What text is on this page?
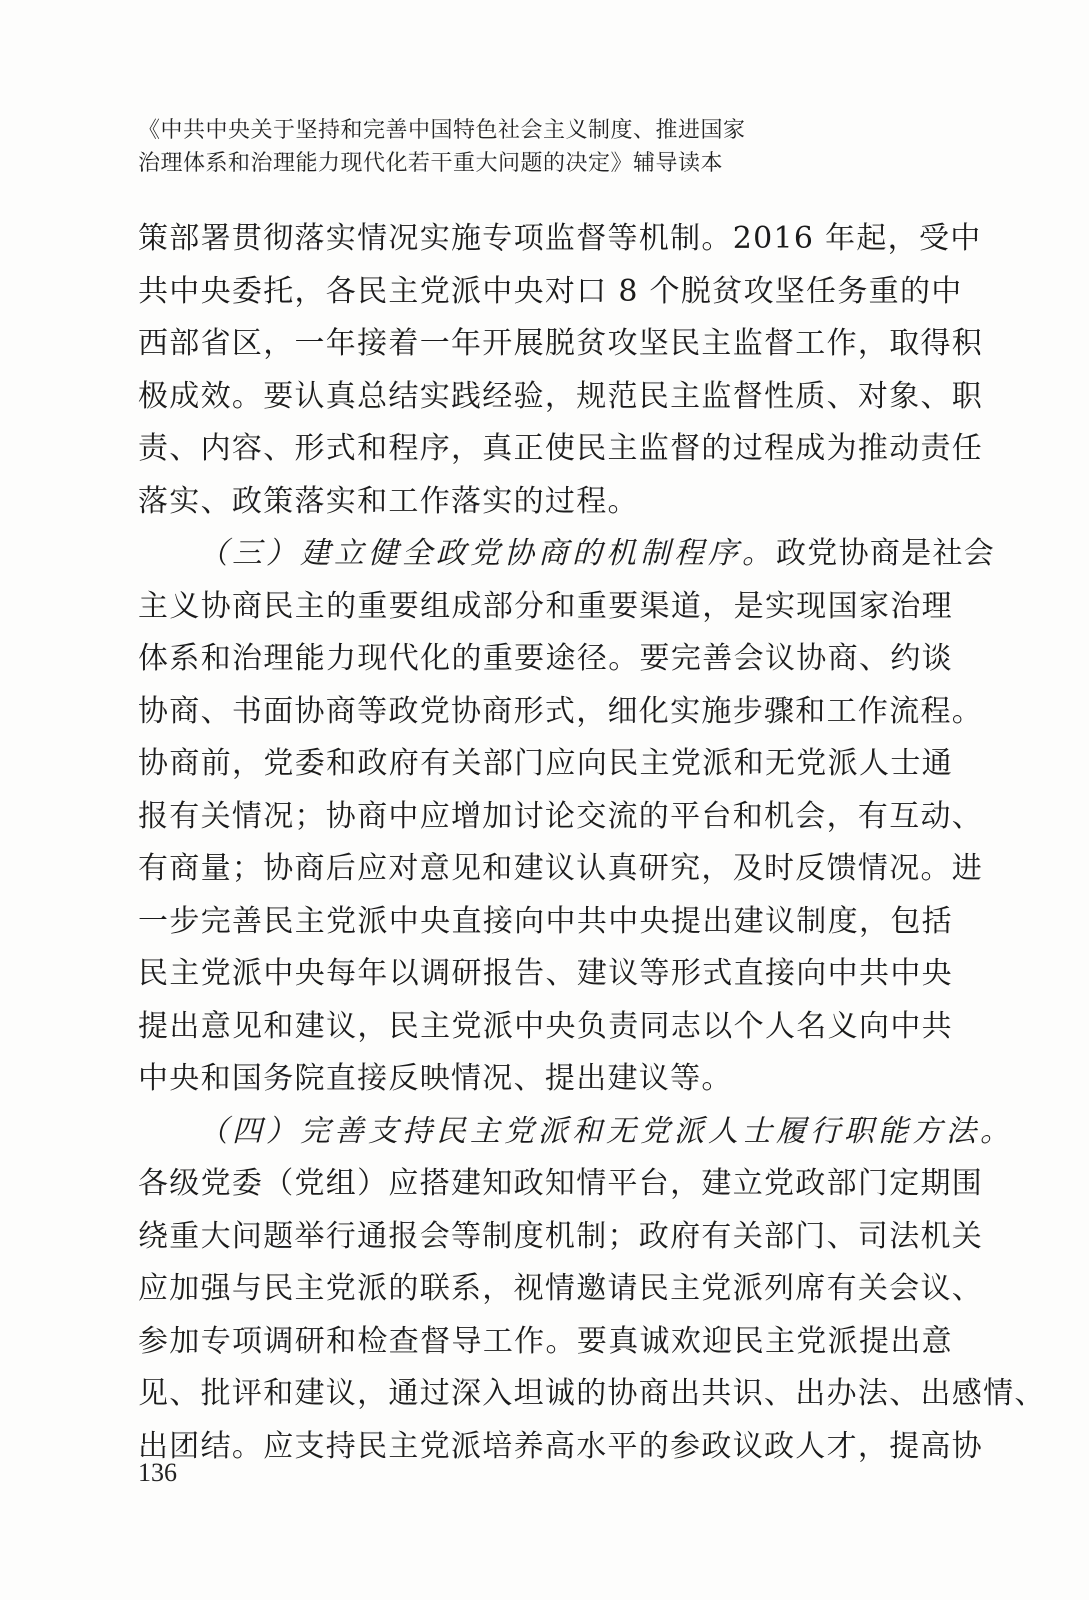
《中共中央关于坚持和完善中国特色社会主义制度、推进国家
治理体系和治理能力现代化若干重大问题的决定》辅导读本
策部署贯彻落实情况实施专项监督等机制。2016 年起，受中
共中央委托，各民主党派中央对口 8 个脱贫攻坚任务重的中
西部省区，一年接着一年开展脱贫攻坚民主监督工作，取得积
极成效。要认真总结实践经验，规范民主监督性质、对象、职
责、内容、形式和程序，真正使民主监督的过程成为推动责任
落实、政策落实和工作落实的过程。
（三）建立健全政党协商的机制程序。政党协商是社会
主义协商民主的重要组成部分和重要渠道，是实现国家治理
体系和治理能力现代化的重要途径。要完善会议协商、约谈
协商、书面协商等政党协商形式，细化实施步骤和工作流程。
协商前，党委和政府有关部门应向民主党派和无党派人士通
报有关情况；协商中应增加讨论交流的平台和机会，有互动、
有商量；协商后应对意见和建议认真研究，及时反馈情况。进
一步完善民主党派中央直接向中共中央提出建议制度，包括
民主党派中央每年以调研报告、建议等形式直接向中共中央
提出意见和建议，民主党派中央负责同志以个人名义向中共
中央和国务院直接反映情况、提出建议等。
（四）完善支持民主党派和无党派人士履行职能方法。
各级党委（党组）应搭建知政知情平台，建立党政部门定期围
绕重大问题举行通报会等制度机制；政府有关部门、司法机关
应加强与民主党派的联系，视情邀请民主党派列席有关会议、
参加专项调研和检查督导工作。要真诚欢迎民主党派提出意
见、批评和建议，通过深入坦诚的协商出共识、出办法、出感情、
出团结。应支持民主党派培养高水平的参政议政人才，提高协
136
